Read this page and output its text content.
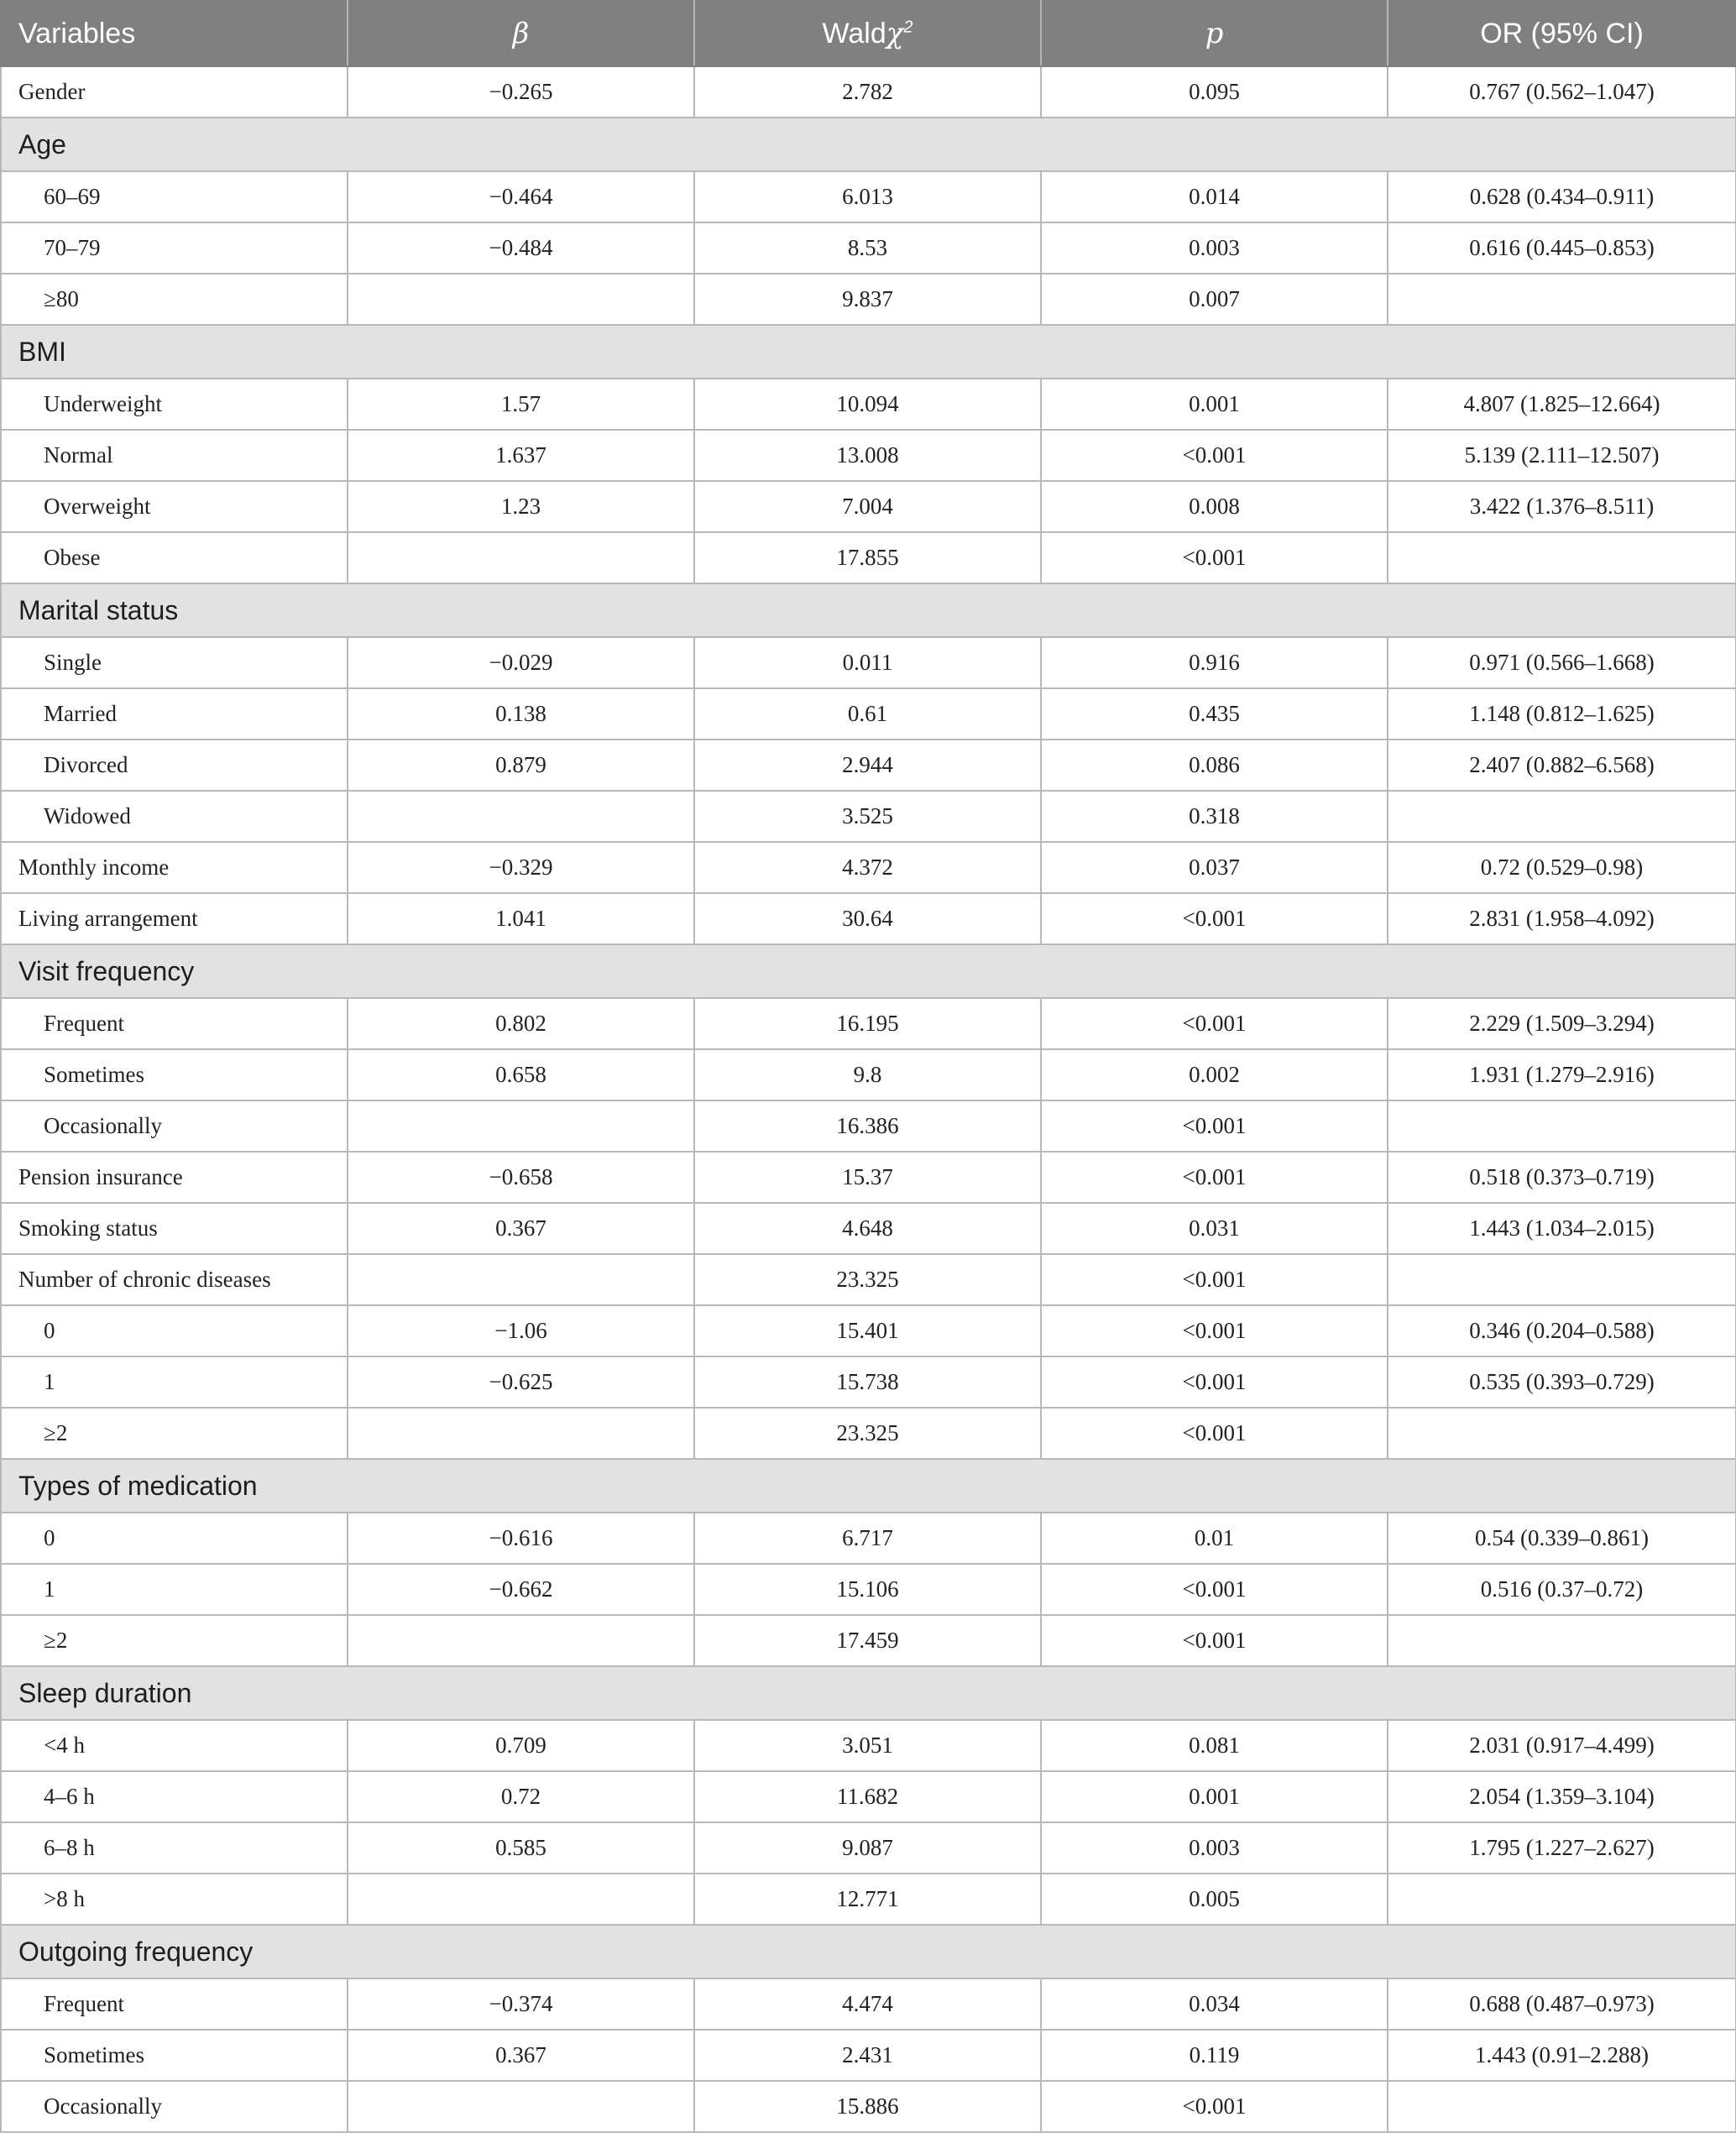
Variables	β	Waldχ$^2$	p	OR (95% CI)
Gender	−0.265	2.782	0.095	0.767 (0.562–1.047)
Age				
60–69	−0.464	6.013	0.014	0.628 (0.434–0.911)
70–79	−0.484	8.53	0.003	0.616 (0.445–0.853)
≥80		9.837	0.007	
BMI				
Underweight	1.57	10.094	0.001	4.807 (1.825–12.664)
Normal	1.637	13.008	<0.001	5.139 (2.111–12.507)
Overweight	1.23	7.004	0.008	3.422 (1.376–8.511)
Obese		17.855	<0.001	
Marital status				
Single	−0.029	0.011	0.916	0.971 (0.566–1.668)
Married	0.138	0.61	0.435	1.148 (0.812–1.625)
Divorced	0.879	2.944	0.086	2.407 (0.882–6.568)
Widowed		3.525	0.318	
Monthly income	−0.329	4.372	0.037	0.72 (0.529–0.98)
Living arrangement	1.041	30.64	<0.001	2.831 (1.958–4.092)
Visit frequency				
Frequent	0.802	16.195	<0.001	2.229 (1.509–3.294)
Sometimes	0.658	9.8	0.002	1.931 (1.279–2.916)
Occasionally		16.386	<0.001	
Pension insurance	−0.658	15.37	<0.001	0.518 (0.373–0.719)
Smoking status	0.367	4.648	0.031	1.443 (1.034–2.015)
Number of chronic diseases		23.325	<0.001	
0	−1.06	15.401	<0.001	0.346 (0.204–0.588)
1	−0.625	15.738	<0.001	0.535 (0.393–0.729)
≥2		23.325	<0.001	
Types of medication				
0	−0.616	6.717	0.01	0.54 (0.339–0.861)
1	−0.662	15.106	<0.001	0.516 (0.37–0.72)
≥2		17.459	<0.001	
Sleep duration				
<4 h	0.709	3.051	0.081	2.031 (0.917–4.499)
4–6 h	0.72	11.682	0.001	2.054 (1.359–3.104)
6–8 h	0.585	9.087	0.003	1.795 (1.227–2.627)
>8 h		12.771	0.005	
Outgoing frequency				
Frequent	−0.374	4.474	0.034	0.688 (0.487–0.973)
Sometimes	0.367	2.431	0.119	1.443 (0.91–2.288)
Occasionally		15.886	<0.001	
